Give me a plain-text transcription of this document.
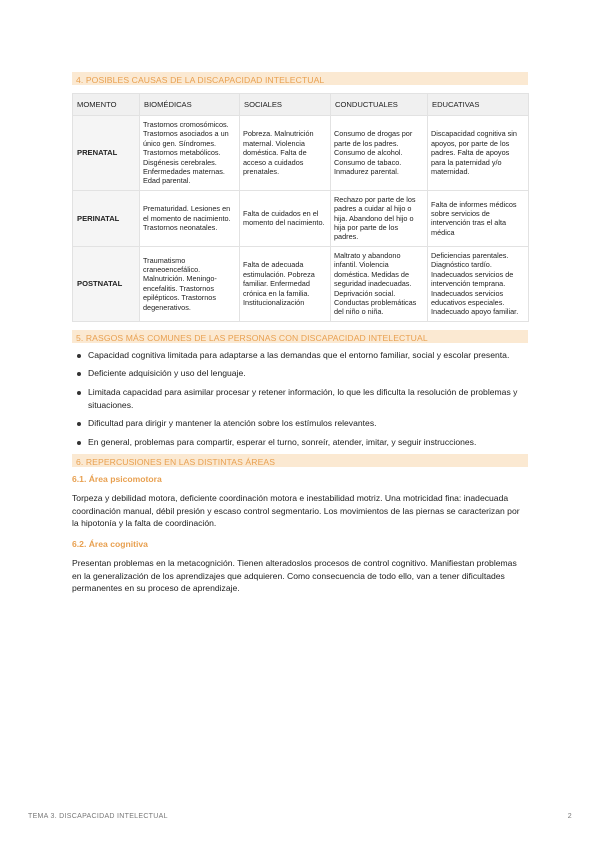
4. POSIBLES CAUSAS DE LA DISCAPACIDAD INTELECTUAL
MOMENTO	BIOMÉDICAS	SOCIALES	CONDUCTUALES	EDUCATIVAS
PRENATAL	Trastornos cromosómicos. Trastornos asociados a un único gen. Síndromes. Trastornos metabólicos. Disgénesis cerebrales. Enfermedades maternas. Edad parental.	Pobreza. Malnutrición maternal. Violencia doméstica. Falta de acceso a cuidados prenatales.	Consumo de drogas por parte de los padres. Consumo de alcohol. Consumo de tabaco. Inmadurez parental.	Discapacidad cognitiva sin apoyos, por parte de los padres. Falta de apoyos para la paternidad y/o maternidad.
PERINATAL	Prematuridad. Lesiones en el momento de nacimiento. Trastornos neonatales.	Falta de cuidados en el momento del nacimiento.	Rechazo por parte de los padres a cuidar al hijo o hija. Abandono del hijo o hija por parte de los padres.	Falta de informes médicos sobre servicios de intervención tras el alta médica
POSTNATAL	Traumatismo craneoencefálico. Malnutrición. Meningo-encefalitis. Trastornos epilépticos. Trastornos degenerativos.	Falta de adecuada estimulación. Pobreza familiar. Enfermedad crónica en la familia. Institucionalización	Maltrato y abandono infantil. Violencia doméstica. Medidas de seguridad inadecuadas. Deprivación social. Conductas problemáticas del niño o niña.	Deficiencias parentales. Diagnóstico tardío. Inadecuados servicios de intervención temprana. Inadecuados servicios educativos especiales. Inadecuado apoyo familiar.
5. RASGOS MÁS COMUNES DE LAS PERSONAS CON DISCAPACIDAD INTELECTUAL
Capacidad cognitiva limitada para adaptarse a las demandas que el entorno familiar, social y escolar presenta.
Deficiente adquisición y uso del lenguaje.
Limitada capacidad para asimilar procesar y retener información, lo que les dificulta la resolución de problemas y situaciones.
Dificultad para dirigir y mantener la atención sobre los estímulos relevantes.
En general, problemas para compartir, esperar el turno, sonreír, atender, imitar, y seguir instrucciones.
6. REPERCUSIONES EN LAS DISTINTAS ÁREAS
6.1. Área psicomotora
Torpeza y debilidad motora, deficiente coordinación motora e inestabilidad motriz. Una motricidad fina: inadecuada
coordinación manual, débil presión y escaso control segmentario. Los movimientos de las piernas se caracterizan por la hipotonía y la falta de coordinación.
6.2. Área cognitiva
Presentan problemas en la metacognición. Tienen alteradoslos procesos de control cognitivo. Manifiestan problemas en la generalización de los aprendizajes que adquieren. Como consecuencia de todo ello, van a tener dificultades permanentes en su proceso de aprendizaje.
TEMA 3. DISCAPACIDAD INTELECTUAL	2
